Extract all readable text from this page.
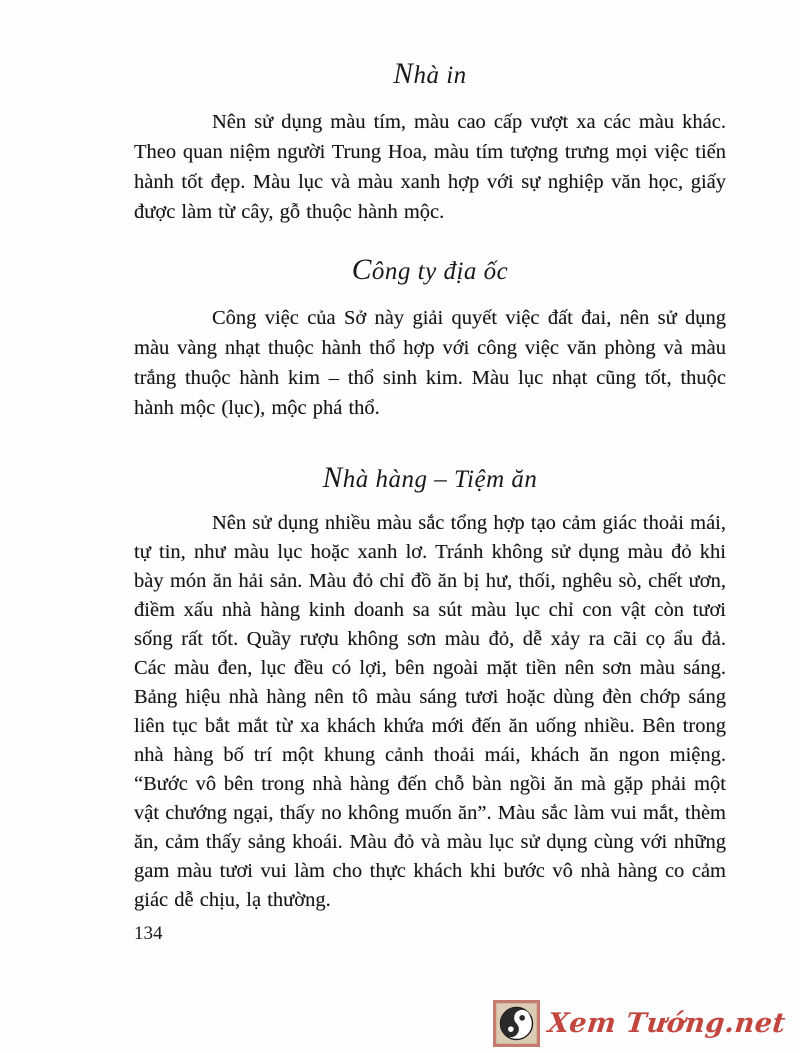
Nhà in

Nên sử dụng màu tím, màu cao cấp vượt xa các màu khác. Theo quan niệm người Trung Hoa, màu tím tượng trưng mọi việc tiến hành tốt đẹp. Màu lục và màu xanh hợp với sự nghiệp văn học, giấy được làm từ cây, gỗ thuộc hành mộc.

Công ty địa ốc

Công việc của Sở này giải quyết việc đất đai, nên sử dụng màu vàng nhạt thuộc hành thổ hợp với công việc văn phòng và màu trắng thuộc hành kim – thổ sinh kim. Màu lục nhạt cũng tốt, thuộc hành mộc (lục), mộc phá thổ.

Nhà hàng – Tiệm ăn

Nên sử dụng nhiều màu sắc tổng hợp tạo cảm giác thoải mái, tự tin, như màu lục hoặc xanh lơ. Tránh không sử dụng màu đỏ khi bày món ăn hải sản. Màu đỏ chỉ đồ ăn bị hư, thối, nghêu sò, chết ươn, điềm xấu nhà hàng kinh doanh sa sút màu lục chỉ con vật còn tươi sống rất tốt. Quầy rượu không sơn màu đỏ, dễ xảy ra cãi cọ ẩu đả. Các màu đen, lục đều có lợi, bên ngoài mặt tiền nên sơn màu sáng. Bảng hiệu nhà hàng nên tô màu sáng tươi hoặc dùng đèn chớp sáng liên tục bắt mắt từ xa khách khứa mới đến ăn uống nhiều. Bên trong nhà hàng bố trí một khung cảnh thoải mái, khách ăn ngon miệng. “Bước vô bên trong nhà hàng đến chỗ bàn ngồi ăn mà gặp phải một vật chướng ngại, thấy no không muốn ăn”. Màu sắc làm vui mắt, thèm ăn, cảm thấy sảng khoái. Màu đỏ và màu lục sử dụng cùng với những gam màu tươi vui làm cho thực khách khi bước vô nhà hàng co cảm giác dễ chịu, lạ thường.

134
Xem Tướng.net
